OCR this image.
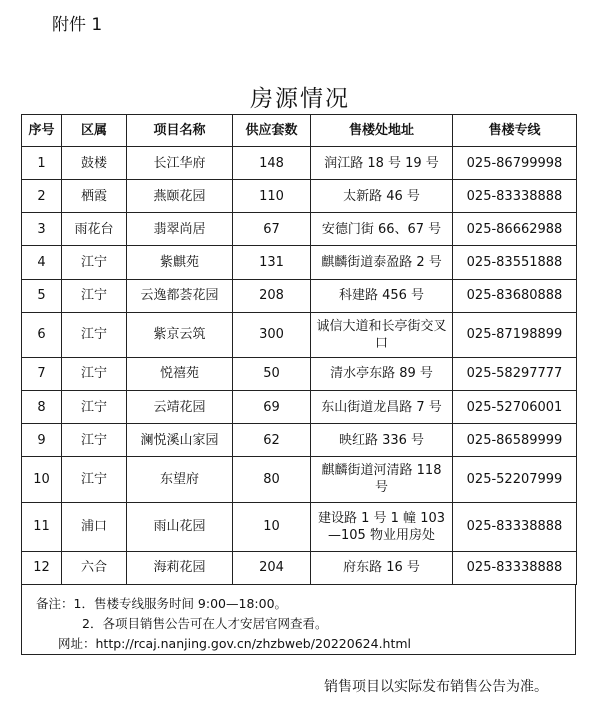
附件 1
房源情况
序号	区属	项目名称	供应套数	售楼处地址	售楼专线
1	鼓楼	长江华府	148	润江路 18 号 19 号	025-86799998
2	栖霞	燕颐花园	110	太新路 46 号	025-83338888
3	雨花台	翡翠尚居	67	安德门街 66、67 号	025-86662988
4	江宁	紫麒苑	131	麒麟街道泰盈路 2 号	025-83551888
5	江宁	云逸都荟花园	208	科建路 456 号	025-83680888
6	江宁	紫京云筑	300	诚信大道和长亭街交叉口	025-87198899
7	江宁	悦禧苑	50	清水亭东路 89 号	025-58297777
8	江宁	云靖花园	69	东山街道龙昌路 7 号	025-52706001
9	江宁	澜悦溪山家园	62	映红路 336 号	025-86589999
10	江宁	东望府	80	麒麟街道河清路 118 号	025-52207999
11	浦口	雨山花园	10	建设路 1 号 1 幢 103—105 物业用房处	025-83338888
12	六合	海莉花园	204	府东路 16 号	025-83338888
备注：1．售楼专线服务时间 9:00—18:00。
2．各项目销售公告可在人才安居官网查看。
网址：http://rcaj.nanjing.gov.cn/zhzbweb/20220624.html
销售项目以实际发布销售公告为准。
